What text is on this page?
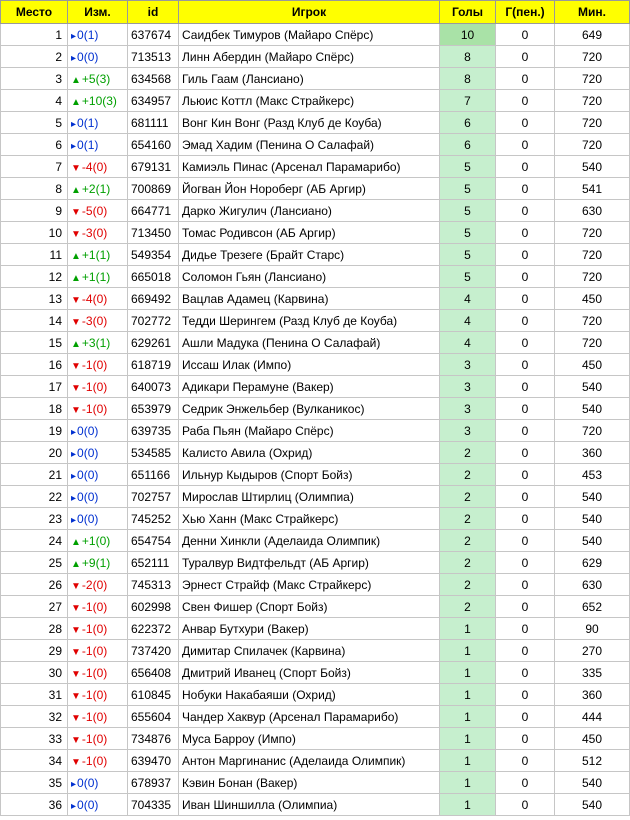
Место	Изм.	id	Игрок	Голы	Г(пен.)	Мин.
1	▸0(1)	637674	Саидбек Тимуров (Майаро Спёрс)	10	0	649
2	▸0(0)	713513	Линн Абердин (Майаро Спёрс)	8	0	720
3	▲+5(3)	634568	Гиль Гаам (Лансиано)	8	0	720
4	▲+10(3)	634957	Льюис Коттл (Макс Страйкерс)	7	0	720
5	▸0(1)	681111	Вонг Кин Вонг (Разд Клуб де Коуба)	6	0	720
6	▸0(1)	654160	Эмад Хадим (Пенина О Салафай)	6	0	720
7	▼-4(0)	679131	Камиэль Пинас (Арсенал Парамарибо)	5	0	540
8	▲+2(1)	700869	Йогван Йон Нороберг (АБ Аргир)	5	0	541
9	▼-5(0)	664771	Дарко Жигулич (Лансиано)	5	0	630
10	▼-3(0)	713450	Томас Родивсон (АБ Аргир)	5	0	720
11	▲+1(1)	549354	Дидье Трезеге (Брайт Старс)	5	0	720
12	▲+1(1)	665018	Соломон Гьян (Лансиано)	5	0	720
13	▼-4(0)	669492	Вацлав Адамец (Карвина)	4	0	450
14	▼-3(0)	702772	Тедди Шерингем (Разд Клуб де Коуба)	4	0	720
15	▲+3(1)	629261	Ашли Мадука (Пенина О Салафай)	4	0	720
16	▼-1(0)	618719	Иссаш Илак (Импо)	3	0	450
17	▼-1(0)	640073	Адикари Перамуне (Вакер)	3	0	540
18	▼-1(0)	653979	Седрик Энжельбер (Вулканикос)	3	0	540
19	▸0(0)	639735	Раба Пьян (Майаро Спёрс)	3	0	720
20	▸0(0)	534585	Калисто Авила (Охрид)	2	0	360
21	▸0(0)	651166	Ильнур Кыдыров (Спорт Бойз)	2	0	453
22	▸0(0)	702757	Мирослав Штирлиц (Олимпиа)	2	0	540
23	▸0(0)	745252	Хью Ханн (Макс Страйкерс)	2	0	540
24	▲+1(0)	654754	Денни Хинкли (Аделаида Олимпик)	2	0	540
25	▲+9(1)	652111	Туралвур Видтфельдт (АБ Аргир)	2	0	629
26	▼-2(0)	745313	Эрнест Страйф (Макс Страйкерс)	2	0	630
27	▼-1(0)	602998	Свен Фишер (Спорт Бойз)	2	0	652
28	▼-1(0)	622372	Анвар Бутхури (Вакер)	1	0	90
29	▼-1(0)	737420	Димитар Спилачек (Карвина)	1	0	270
30	▼-1(0)	656408	Дмитрий Иванец (Спорт Бойз)	1	0	335
31	▼-1(0)	610845	Нобуки Накабаяши (Охрид)	1	0	360
32	▼-1(0)	655604	Чандер Хаквур (Арсенал Парамарибо)	1	0	444
33	▼-1(0)	734876	Муса Барроу (Импо)	1	0	450
34	▼-1(0)	639470	Антон Маргинанис (Аделаида Олимпик)	1	0	512
35	▸0(0)	678937	Кэвин Бонан (Вакер)	1	0	540
36	▸0(0)	704335	Иван Шиншилла (Олимпиа)	1	0	540
